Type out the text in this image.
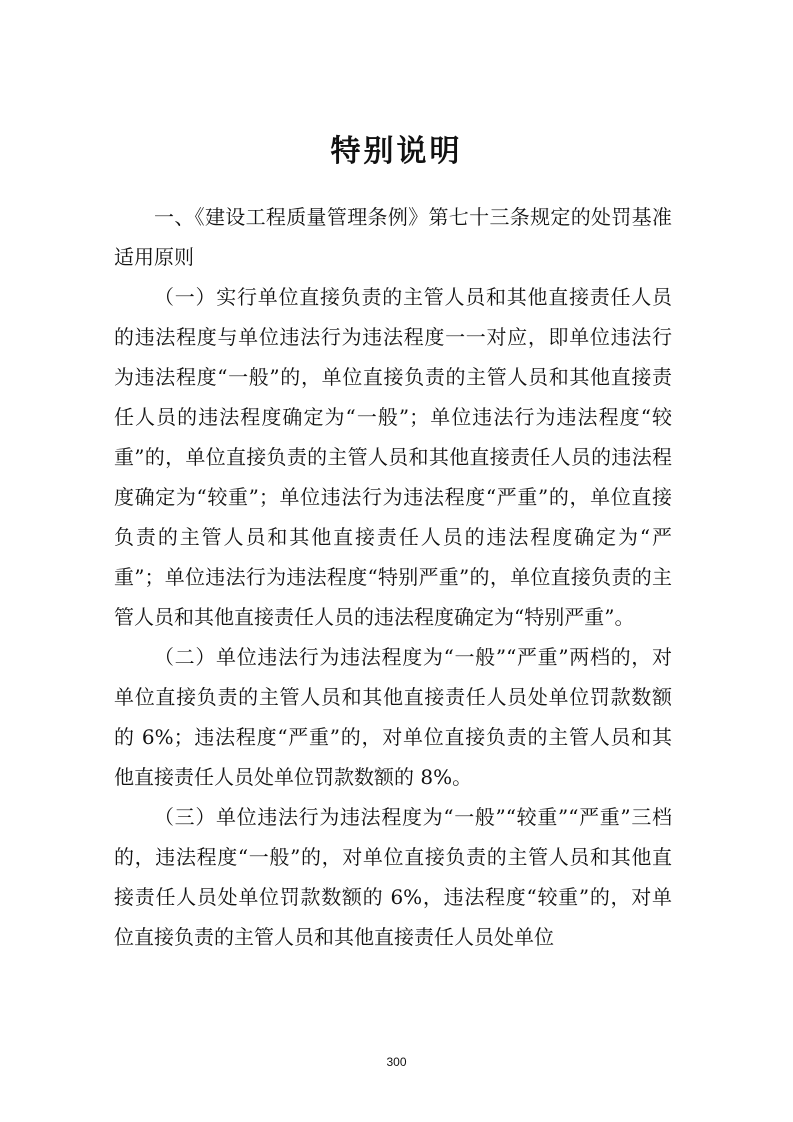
特别说明

一、《建设工程质量管理条例》第七十三条规定的处罚基准适用原则

（一）实行单位直接负责的主管人员和其他直接责任人员的违法程度与单位违法行为违法程度一一对应，即单位违法行为违法程度“一般”的，单位直接负责的主管人员和其他直接责任人员的违法程度确定为“一般”；单位违法行为违法程度“较重”的，单位直接负责的主管人员和其他直接责任人员的违法程度确定为“较重”；单位违法行为违法程度“严重”的，单位直接负责的主管人员和其他直接责任人员的违法程度确定为“严重”；单位违法行为违法程度“特别严重”的，单位直接负责的主管人员和其他直接责任人员的违法程度确定为“特别严重”。

（二）单位违法行为违法程度为“一般”“严重”两档的，对单位直接负责的主管人员和其他直接责任人员处单位罚款数额的 6%；违法程度“严重”的，对单位直接负责的主管人员和其他直接责任人员处单位罚款数额的 8%。

（三）单位违法行为违法程度为“一般”“较重”“严重”三档的，违法程度“一般”的，对单位直接负责的主管人员和其他直接责任人员处单位罚款数额的 6%，违法程度“较重”的，对单位直接负责的主管人员和其他直接责任人员处单位

300
